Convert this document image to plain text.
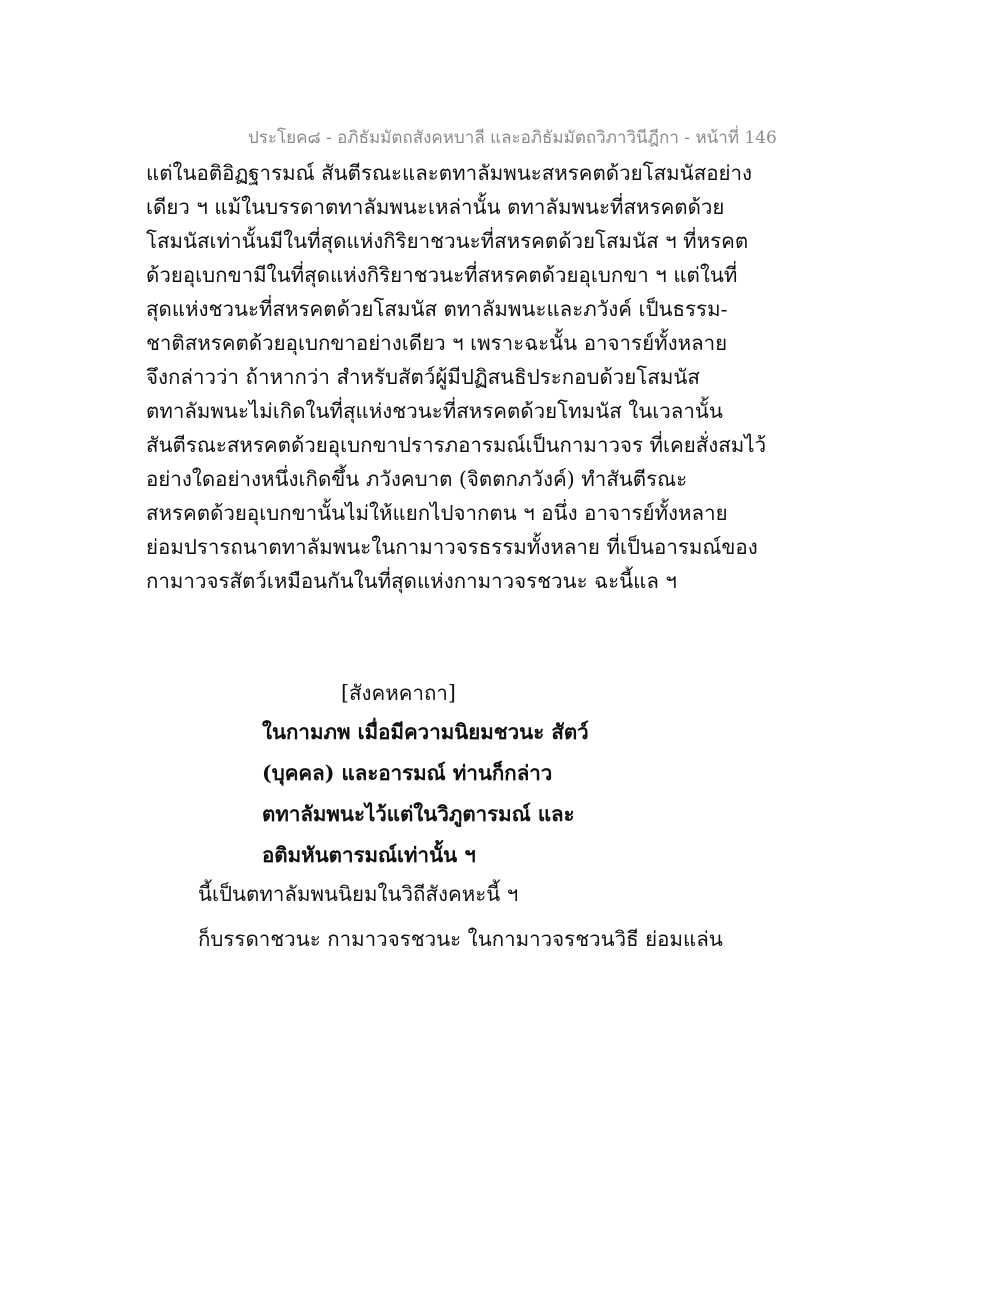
ประโยค๘ - อภิธัมมัตถสังคหบาลี และอภิธัมมัตถวิภาวินีฎีกา - หน้าที่ 146
แต่ในอติอิฏฐารมณ์ สันตีรณะและตทาลัมพนะสหรคตด้วยโสมนัสอย่าง
เดียว ฯ แม้ในบรรดาตทาลัมพนะเหล่านั้น ตทาลัมพนะที่สหรคตด้วย
โสมนัสเท่านั้นมีในที่สุดแห่งกิริยาชวนะที่สหรคตด้วยโสมนัส ฯ ที่หรคต
ด้วยอุเบกขามีในที่สุดแห่งกิริยาชวนะที่สหรคตด้วยอุเบกขา ฯ แต่ในที่
สุดแห่งชวนะที่สหรคตด้วยโสมนัส ตทาลัมพนะและภวังค์ เป็นธรรม-
ชาติสหรคตด้วยอุเบกขาอย่างเดียว ฯ เพราะฉะนั้น อาจารย์ทั้งหลาย
จึงกล่าวว่า ถ้าหากว่า สำหรับสัตว์ผู้มีปฏิสนธิประกอบด้วยโสมนัส
ตทาลัมพนะไม่เกิดในที่สุแห่งชวนะที่สหรคตด้วยโทมนัส ในเวลานั้น
สันตีรณะสหรคตด้วยอุเบกขาปรารภอารมณ์เป็นกามาวจร ที่เคยสั่งสมไว้
อย่างใดอย่างหนึ่งเกิดขึ้น ภวังคบาต (จิตตกภวังค์) ทำสันตีรณะ
สหรคตด้วยอุเบกขานั้นไม่ให้แยกไปจากตน ฯ อนึ่ง อาจารย์ทั้งหลาย
ย่อมปรารถนาตทาลัมพนะในกามาวจรธรรมทั้งหลาย ที่เป็นอารมณ์ของ
กามาวจรสัตว์เหมือนกันในที่สุดแห่งกามาวจรชวนะ ฉะนี้แล ฯ
[สังคหคาถา]
ในกามภพ เมื่อมีความนิยมชวนะ สัตว์
(บุคคล) และอารมณ์ ท่านก็กล่าว
ตทาลัมพนะไว้แต่ในวิภูตารมณ์ และ
อติมหันตารมณ์เท่านั้น ฯ
นี้เป็นตทาลัมพนนิยมในวิถีสังคหะนี้ ฯ
ก็บรรดาชวนะ กามาวจรชวนะ ในกามาวจรชวนวิธี ย่อมแล่น
